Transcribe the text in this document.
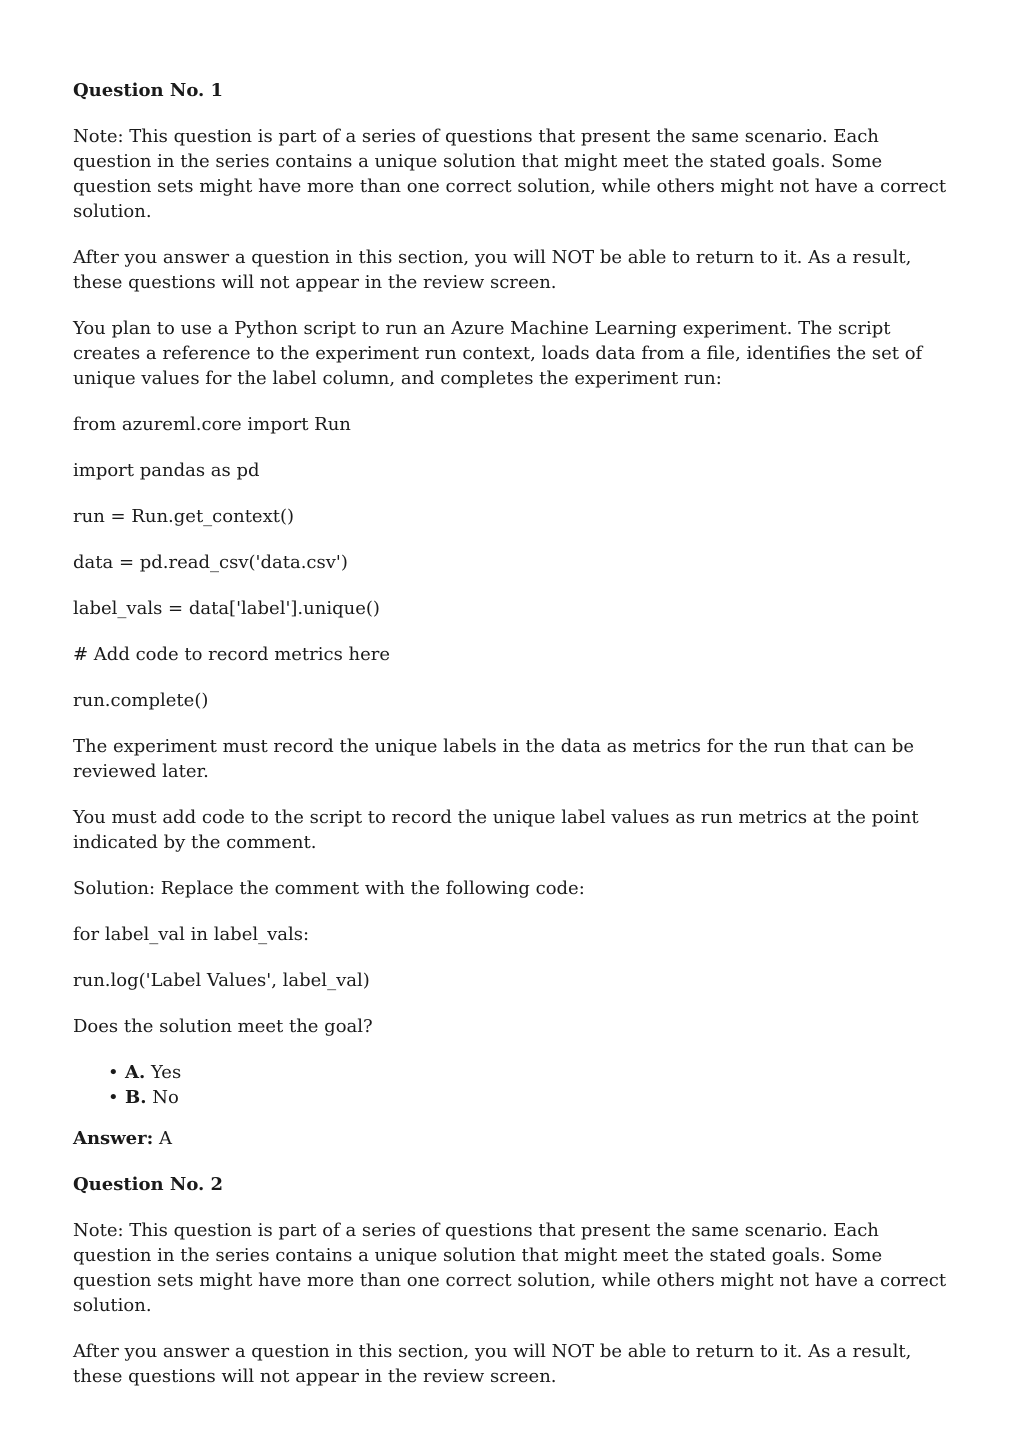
Question No. 1

Note: This question is part of a series of questions that present the same scenario. Each question in the series contains a unique solution that might meet the stated goals. Some question sets might have more than one correct solution, while others might not have a correct solution.

After you answer a question in this section, you will NOT be able to return to it. As a result, these questions will not appear in the review screen.

You plan to use a Python script to run an Azure Machine Learning experiment. The script creates a reference to the experiment run context, loads data from a file, identifies the set of unique values for the label column, and completes the experiment run:

from azureml.core import Run

import pandas as pd

run = Run.get_context()

data = pd.read_csv('data.csv')

label_vals = data['label'].unique()

# Add code to record metrics here

run.complete()

The experiment must record the unique labels in the data as metrics for the run that can be reviewed later.

You must add code to the script to record the unique label values as run metrics at the point indicated by the comment.

Solution: Replace the comment with the following code:

for label_val in label_vals:

run.log('Label Values', label_val)

Does the solution meet the goal?

• A. Yes
• B. No
Answer: A
Question No. 2

Note: This question is part of a series of questions that present the same scenario. Each question in the series contains a unique solution that might meet the stated goals. Some question sets might have more than one correct solution, while others might not have a correct solution.

After you answer a question in this section, you will NOT be able to return to it. As a result, these questions will not appear in the review screen.
